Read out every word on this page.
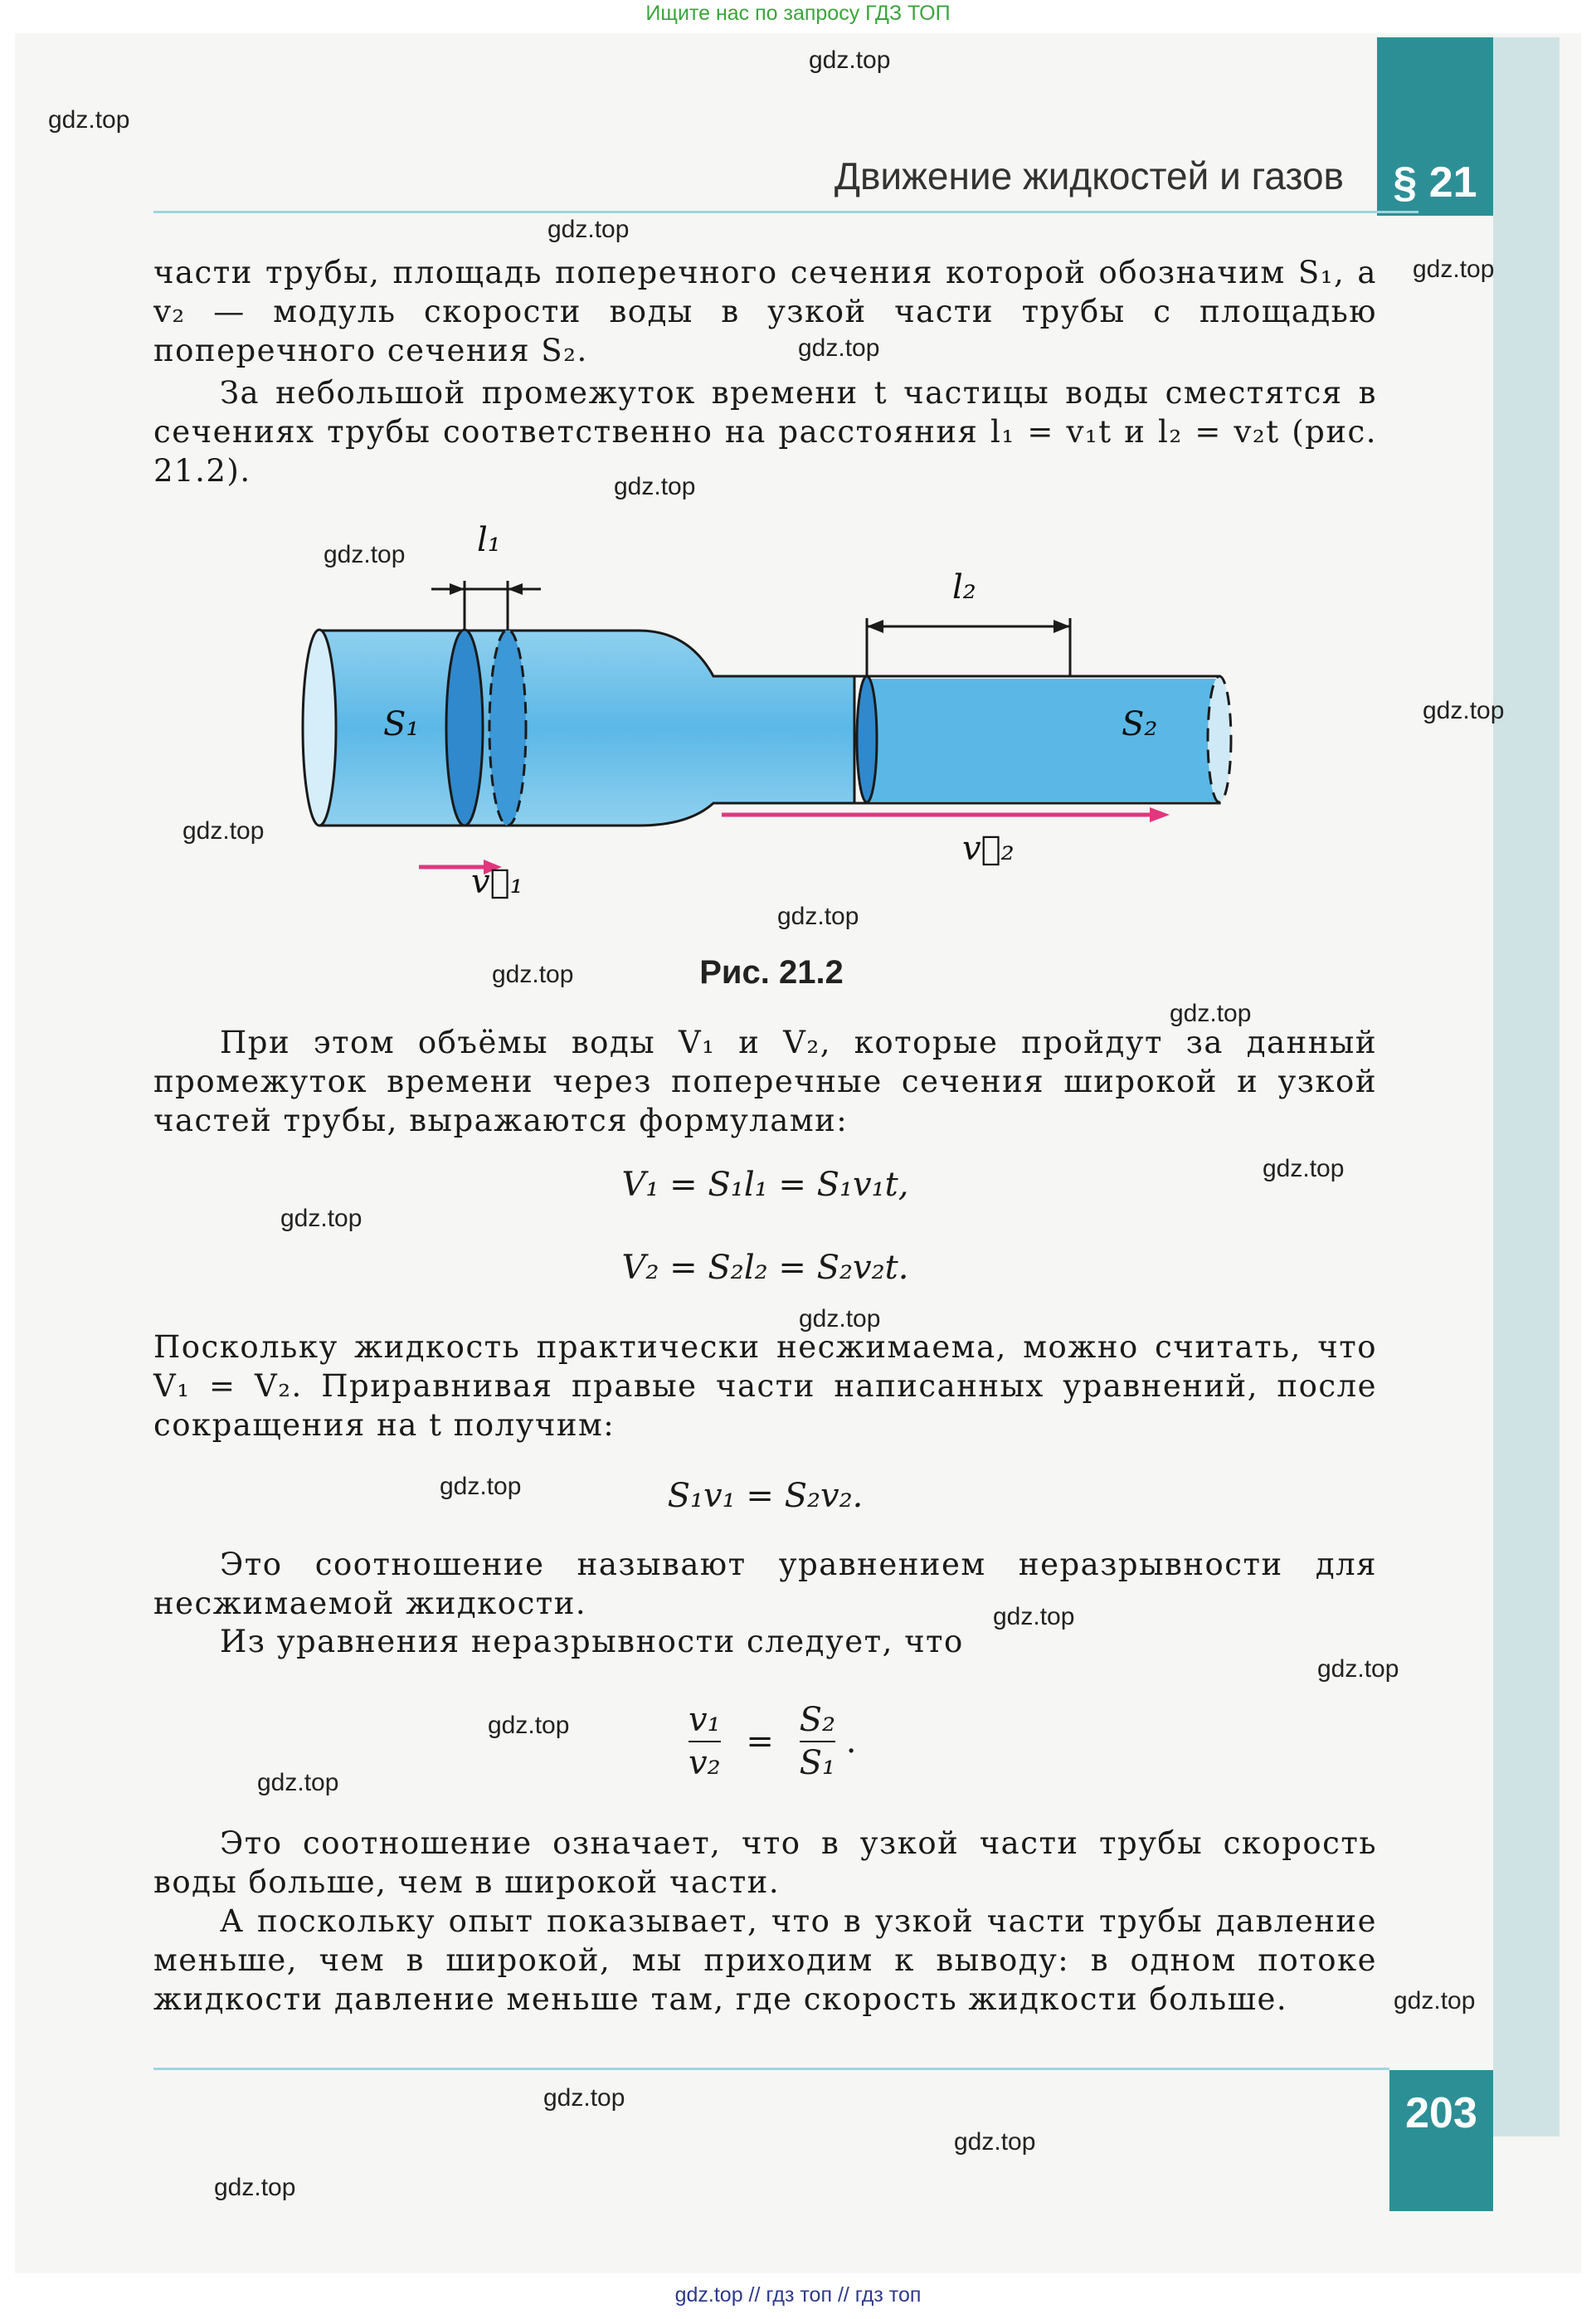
Ищите нас по запросу ГДЗ ТОП
§ 21
Движение жидкостей и газов
части трубы, площадь поперечного сечения которой обозначим S₁, а v₂ — модуль скорости воды в узкой части трубы с площадью поперечного сечения S₂.
За небольшой промежуток времени t частицы воды сместятся в сечениях трубы соответственно на расстояния l₁ = v₁t и l₂ = v₂t (рис. 21.2).
l₁
l₂
S₁	S₂
v⃗₁
v⃗₂
Рис. 21.2
При этом объёмы воды V₁ и V₂, которые пройдут за данный промежуток времени через поперечные сечения широкой и узкой частей трубы, выражаются формулами:
V₁ = S₁l₁ = S₁v₁t,
V₂ = S₂l₂ = S₂v₂t.
Поскольку жидкость практически несжимаема, можно считать, что V₁ = V₂. Приравнивая правые части написанных уравнений, после сокращения на t получим:
S₁v₁ = S₂v₂.
Это соотношение называют уравнением неразрывности для несжимаемой жидкости.
Из уравнения неразрывности следует, что
$\frac{\text{v₁}}{\text{v₂}} = \frac{\text{S₂}}{\text{S₁}}$ .
Это соотношение означает, что в узкой части трубы скорость воды больше, чем в широкой части.
А поскольку опыт показывает, что в узкой части трубы давление меньше, чем в широкой, мы приходим к выводу: в одном потоке жидкости давление меньше там, где скорость жидкости больше.
203
gdz.top
gdz.top
gdz.top
gdz.top
gdz.top
gdz.top
gdz.top
gdz.top
gdz.top
gdz.top
gdz.top
gdz.top
gdz.top
gdz.top
gdz.top
gdz.top
gdz.top
gdz.top
gdz.top
gdz.top
gdz.top
gdz.top
gdz.top
gdz.top
gdz.top // гдз топ // гдз топ
